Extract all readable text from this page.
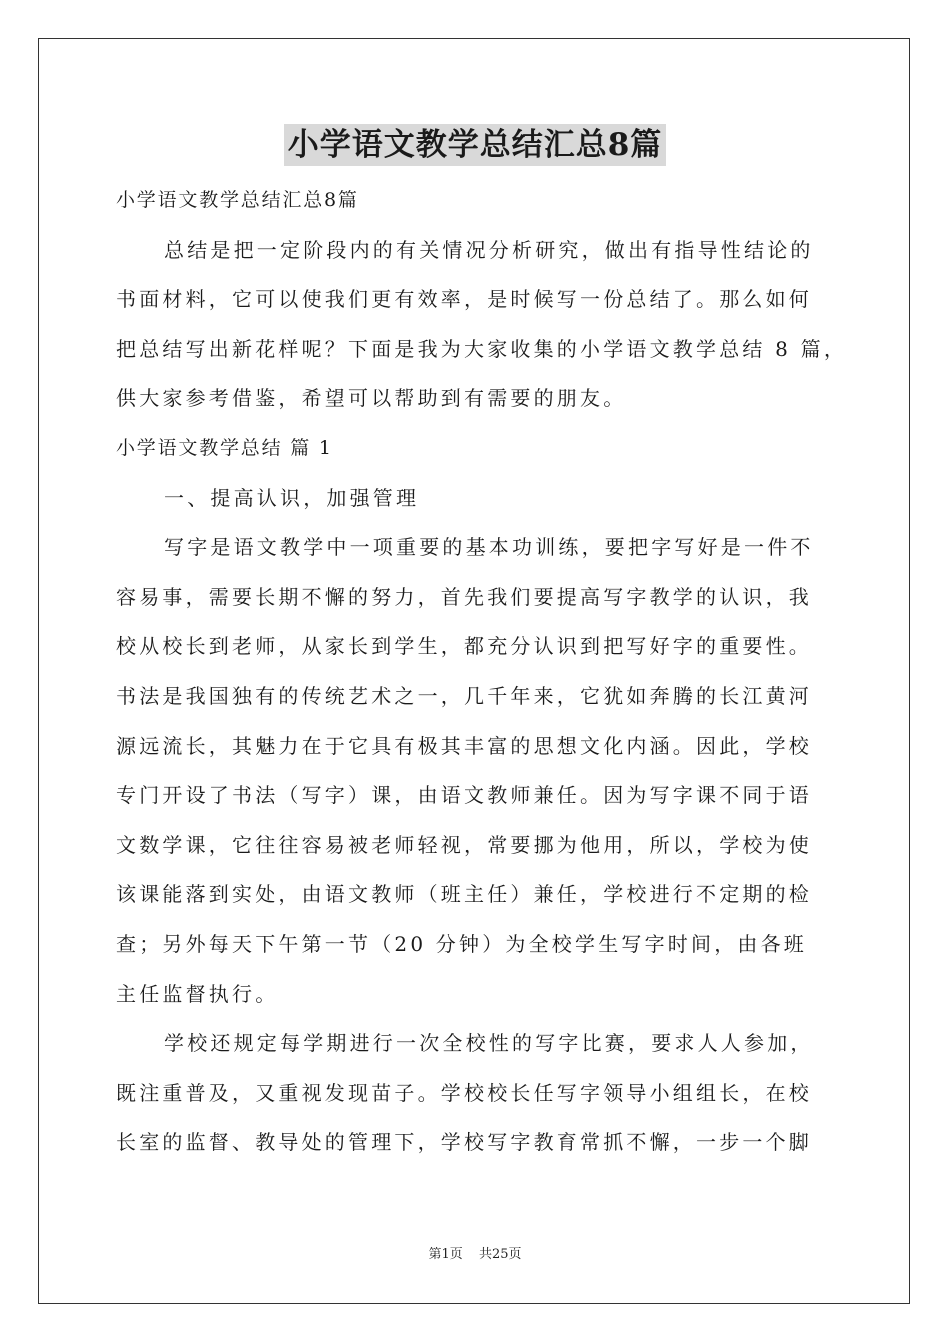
小学语文教学总结汇总8篇

小学语文教学总结汇总8篇

总结是把一定阶段内的有关情况分析研究，做出有指导性结论的

书面材料，它可以使我们更有效率，是时候写一份总结了。那么如何

把总结写出新花样呢？下面是我为大家收集的小学语文教学总结 8 篇，

供大家参考借鉴，希望可以帮助到有需要的朋友。

小学语文教学总结 篇 1

一、提高认识，加强管理

写字是语文教学中一项重要的基本功训练，要把字写好是一件不

容易事，需要长期不懈的努力，首先我们要提高写字教学的认识，我

校从校长到老师，从家长到学生，都充分认识到把写好字的重要性。

书法是我国独有的传统艺术之一，几千年来，它犹如奔腾的长江黄河

源远流长，其魅力在于它具有极其丰富的思想文化内涵。因此，学校

专门开设了书法（写字）课，由语文教师兼任。因为写字课不同于语

文数学课，它往往容易被老师轻视，常要挪为他用，所以，学校为使

该课能落到实处，由语文教师（班主任）兼任，学校进行不定期的检

查；另外每天下午第一节（20 分钟）为全校学生写字时间，由各班

主任监督执行。

学校还规定每学期进行一次全校性的写字比赛，要求人人参加，

既注重普及，又重视发现苗子。学校校长任写字领导小组组长，在校

长室的监督、教导处的管理下，学校写字教育常抓不懈，一步一个脚

第1页 共25页
